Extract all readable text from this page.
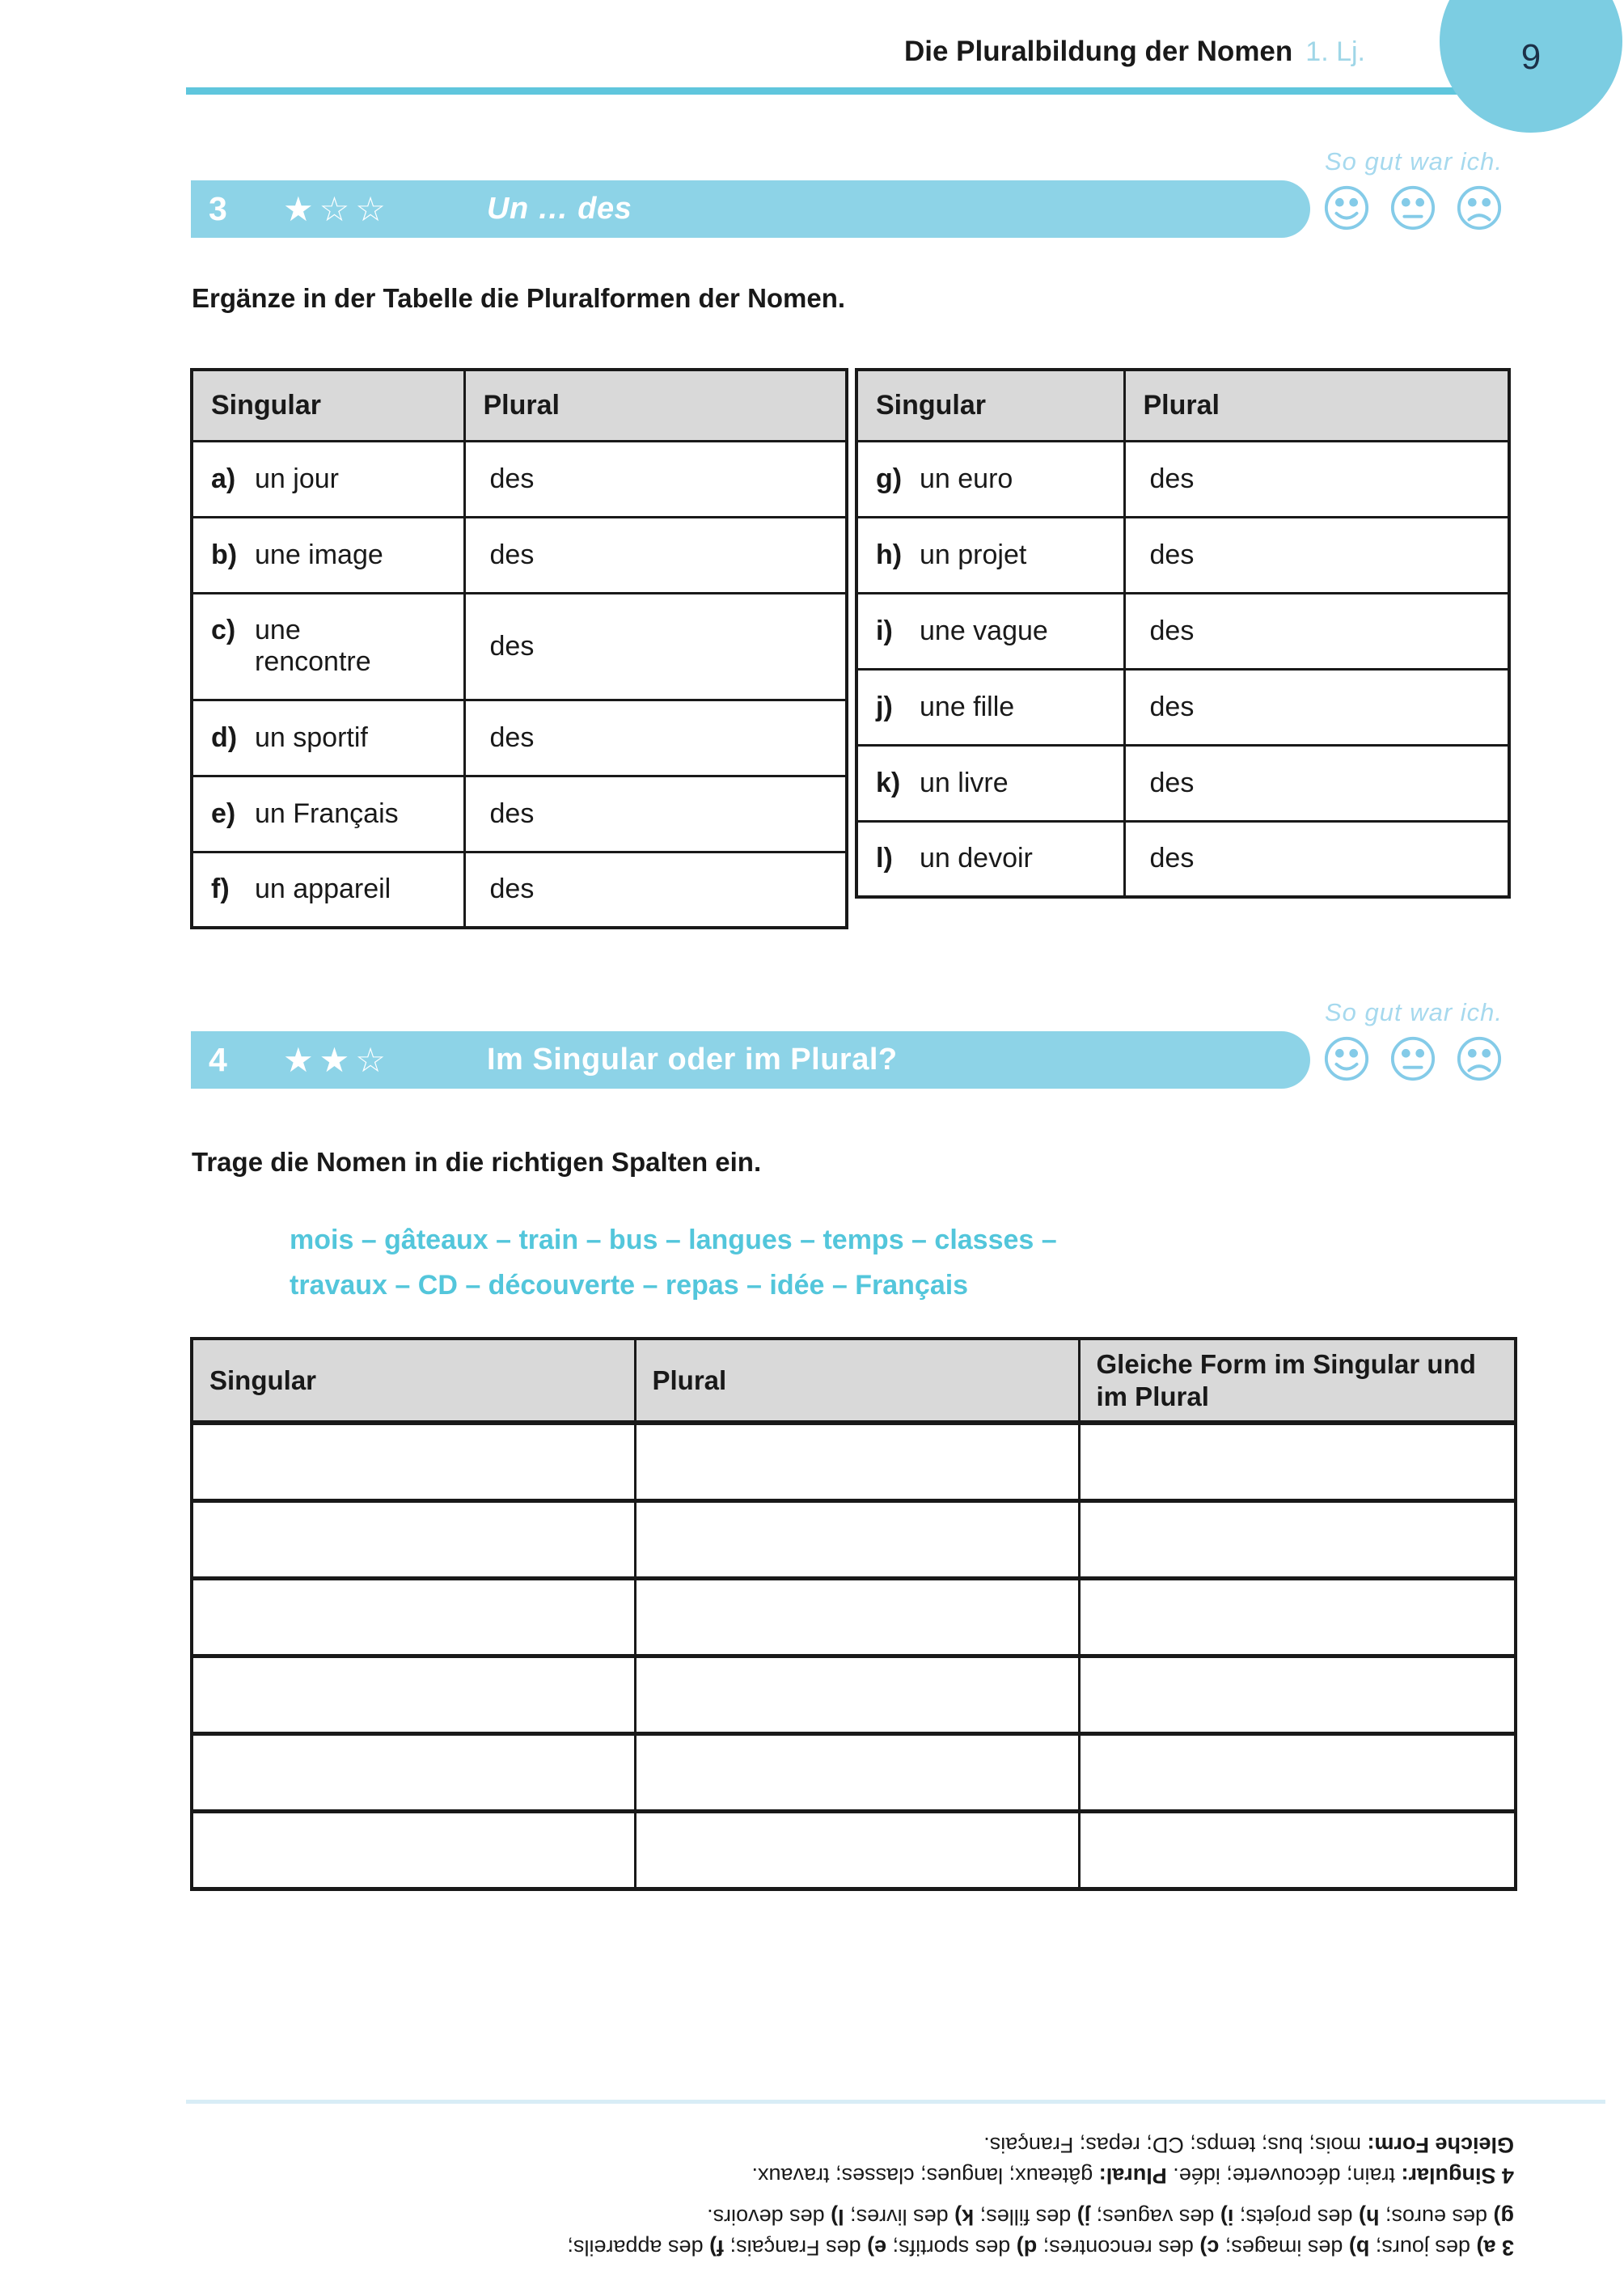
Die Pluralbildung der Nomen 1. Lj.	9
So gut war ich.
3	★☆☆	Un … des
Ergänze in der Tabelle die Pluralformen der Nomen.
Singular	Plural
a) un jour	des
b) une image	des
c) une
rencontre	des
d) un sportif	des
e) un Français	des
f) un appareil	des
Singular	Plural
g) un euro	des
h) un projet	des
i) une vague	des
j) une fille	des
k) un livre	des
l) un devoir	des
So gut war ich.
4	★★☆	Im Singular oder im Plural?
Trage die Nomen in die richtigen Spalten ein.
mois – gâteaux – train – bus – langues – temps – classes –
travaux – CD – découverte – repas – idée – Français
Singular	Plural	Gleiche Form im Singular und im Plural

3 a) des jours; b) des images; c) des rencontres; d) des sportifs; e) des Français; f) des appareils;
g) des euros; h) des projets; i) des vagues; j) des filles; k) des livres; l) des devoirs.
4 Singular: train; découverte; idée. Plural: gâteaux; langues; classes; travaux.
Gleiche Form: mois; bus; temps; CD; repas; Français.
